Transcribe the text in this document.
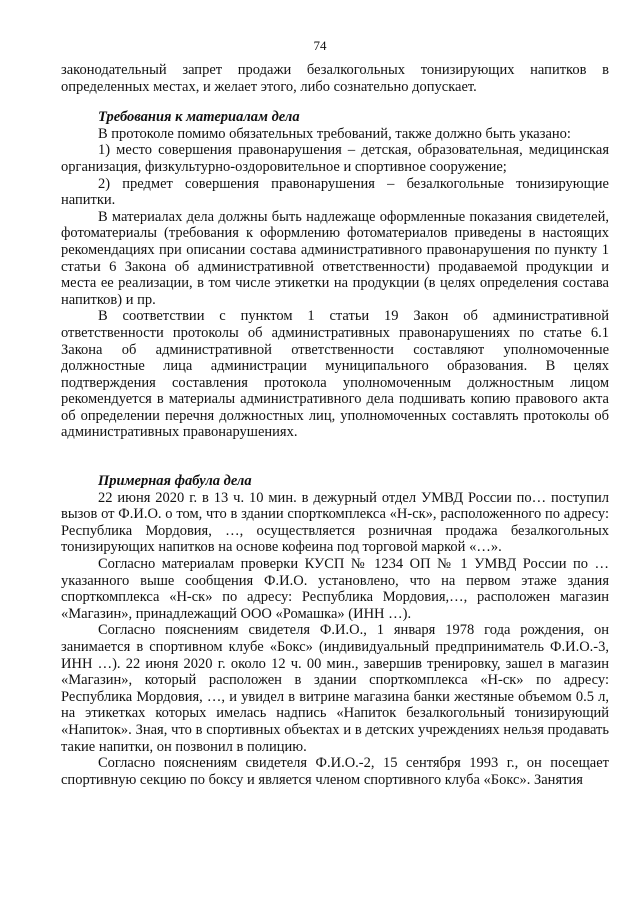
74

законодательный запрет продажи безалкогольных тонизирующих напитков в определенных местах, и желает этого, либо сознательно допускает.

Требования к материалам дела

В протоколе помимо обязательных требований, также должно быть указано:

1) место совершения правонарушения – детская, образовательная, медицинская организация, физкультурно-оздоровительное и спортивное сооружение;

2) предмет совершения правонарушения – безалкогольные тонизирующие напитки.

В материалах дела должны быть надлежаще оформленные показания свидетелей, фотоматериалы (требования к оформлению фотоматериалов приведены в настоящих рекомендациях при описании состава административного правонарушения по пункту 1 статьи 6 Закона об административной ответственности) продаваемой продукции и места ее реализации, в том числе этикетки на продукции (в целях определения состава напитков) и пр.

В соответствии с пунктом 1 статьи 19 Закон об административной ответственности протоколы об административных правонарушениях по статье 6.1 Закона об административной ответственности составляют уполномоченные должностные лица администрации муниципального образования. В целях подтверждения составления протокола уполномоченным должностным лицом рекомендуется в материалы административного дела подшивать копию правового акта об определении перечня должностных лиц, уполномоченных составлять протоколы об административных правонарушениях.

Примерная фабула дела

22 июня 2020 г. в 13 ч. 10 мин. в дежурный отдел УМВД России по… поступил вызов от Ф.И.О. о том, что в здании спорткомплекса «Н-ск», расположенного по адресу: Республика Мордовия, …, осуществляется розничная продажа безалкогольных тонизирующих напитков на основе кофеина под торговой маркой «…».

Согласно материалам проверки КУСП № 1234 ОП № 1 УМВД России по … указанного выше сообщения Ф.И.О. установлено, что на первом этаже здания спорткомплекса «Н-ск» по адресу: Республика Мордовия,…, расположен магазин «Магазин», принадлежащий ООО «Ромашка» (ИНН …).

Согласно пояснениям свидетеля Ф.И.О., 1 января 1978 года рождения, он занимается в спортивном клубе «Бокс» (индивидуальный предприниматель Ф.И.О.-3, ИНН …). 22 июня 2020 г. около 12 ч. 00 мин., завершив тренировку, зашел в магазин «Магазин», который расположен в здании спорткомплекса «Н-ск» по адресу: Республика Мордовия, …, и увидел в витрине магазина банки жестяные объемом 0.5 л, на этикетках которых имелась надпись «Напиток безалкогольный тонизирующий «Напиток». Зная, что в спортивных объектах и в детских учреждениях нельзя продавать такие напитки, он позвонил в полицию.

Согласно пояснениям свидетеля Ф.И.О.-2, 15 сентября 1993 г., он посещает спортивную секцию по боксу и является членом спортивного клуба «Бокс». Занятия
